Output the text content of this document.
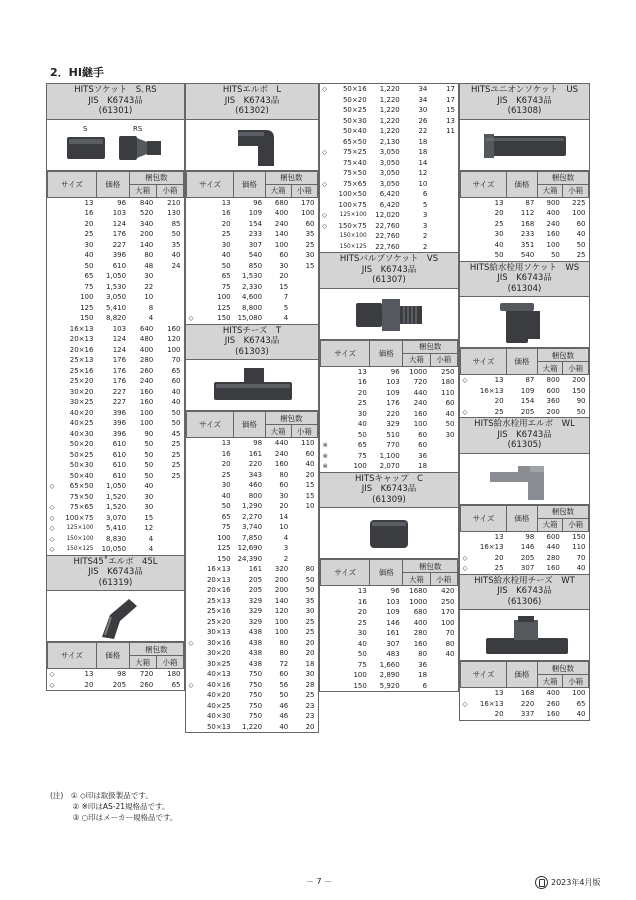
2．HI継手
HITSソケット　S､RS
JIS　K6743品
(61301)
S	RS
サイズ		価格	梱包数	
			大箱	小箱
	13	96	840	210
	16	103	520	130
	20	124	340	85
	25	176	200	50
	30	227	140	35
	40	396	80	40
	50	610	48	24
	65	1,050	30	
	75	1,530	22	
	100	3,050	10	
	125	5,410	8	
	150	8,820	4	
	16×13	103	640	160
	20×13	124	480	120
	20×16	124	400	100
	25×13	176	280	70
	25×16	176	260	65
	25×20	176	240	60
	30×20	227	160	40
	30×25	227	160	40
	40×20	396	100	50
	40×25	396	100	50
	40×30	396	90	45
	50×20	610	50	25
	50×25	610	50	25
	50×30	610	50	25
	50×40	610	50	25
◇	65×50	1,050	40	
	75×50	1,520	30	
◇	75×65	1,520	30	
◇	100×75	3,070	15	
◇	125×100	5,410	12	
◇	150×100	8,830	4	
◇	150×125	10,050	4	
HITS45˚エルボ　45L
JIS　K6743品
(61319)
サイズ		価格	梱包数	
			大箱	小箱
◇	13	98	720	180
◇	20	205	260	65
HITSエルボ　L
JIS　K6743品
(61302)
サイズ		価格	梱包数	
			大箱	小箱
	13	96	680	170
	16	109	400	100
	20	154	240	60
	25	233	140	35
	30	307	100	25
	40	540	60	30
	50	850	30	15
	65	1,530	20	
	75	2,330	15	
	100	4,600	7	
	125	8,800	5	
◇	150	15,080	4	
HITSチーズ　T
JIS　K6743品
(61303)
サイズ		価格	梱包数	
			大箱	小箱
	13	98	440	110
	16	161	240	60
	20	220	160	40
	25	343	80	20
	30	460	60	15
	40	800	30	15
	50	1,290	20	10
	65	2,270	14	
	75	3,740	10	
	100	7,850	4	
	125	12,690	3	
	150	24,390	2	
	16×13	161	320	80
	20×13	205	200	50
	20×16	205	200	50
	25×13	329	140	35
	25×16	329	120	30
	25×20	329	100	25
	30×13	438	100	25
◇	30×16	438	80	20
	30×20	438	80	20
	30×25	438	72	18
	40×13	750	60	30
◇	40×16	750	56	28
	40×20	750	50	25
	40×25	750	46	23
	40×30	750	46	23
	50×13	1,220	40	20
◇	50×16	1,220	34	17
	50×20	1,220	34	17
	50×25	1,220	30	15
	50×30	1,220	26	13
	50×40	1,220	22	11
	65×50	2,130	18	
◇	75×25	3,050	18	
	75×40	3,050	14	
	75×50	3,050	12	
◇	75×65	3,050	10	
	100×50	6,420	6	
	100×75	6,420	5	
◇	125×100	12,020	3	
◇	150×75	22,760	3	
	150×100	22,760	2	
	150×125	22,760	2	
HITSバルブソケット　VS
JIS　K6743品
(61307)
サイズ		価格	梱包数	
			大箱	小箱
	13	96	1000	250
	16	103	720	180
	20	109	440	110
	25	176	240	60
	30	220	160	40
	40	329	100	50
	50	510	60	30
※	65	770	60	
※	75	1,100	36	
※	100	2,070	18	
HITSキャップ　C
JIS　K6743品
(61309)
サイズ		価格	梱包数	
			大箱	小箱
	13	96	1680	420
	16	103	1000	250
	20	109	680	170
	25	146	400	100
	30	161	280	70
	40	307	160	80
	50	483	80	40
	75	1,660	36	
	100	2,890	18	
	150	5,920	6	
HITSユニオンソケット　US
JIS　K6743品
(61308)
サイズ		価格	梱包数	
			大箱	小箱
	13	87	900	225
	20	112	400	100
	25	168	240	60
	30	233	160	40
	40	351	100	50
	50	540	50	25
HITS給水栓用ソケット　WS
JIS　K6743品
(61304)
サイズ		価格	梱包数	
			大箱	小箱
◇	13	87	800	200
	16×13	109	600	150
	20	154	360	90
◇	25	205	200	50
HITS給水栓用エルボ　WL
JIS　K6743品
(61305)
サイズ		価格	梱包数	
			大箱	小箱
	13	98	600	150
	16×13	146	440	110
◇	20	205	280	70
◇	25	307	160	40
HITS給水栓用チーズ　WT
JIS　K6743品
(61306)
サイズ		価格	梱包数	
			大箱	小箱
	13	168	400	100
◇	16×13	220	260	65
	20	337	160	40
(注)　① ◇印は取扱製品です。
　　　② ※印はAS-21規格品です。
　　　③ ○印はメーカー規格品です。
－ 7 －	2023年4月版
